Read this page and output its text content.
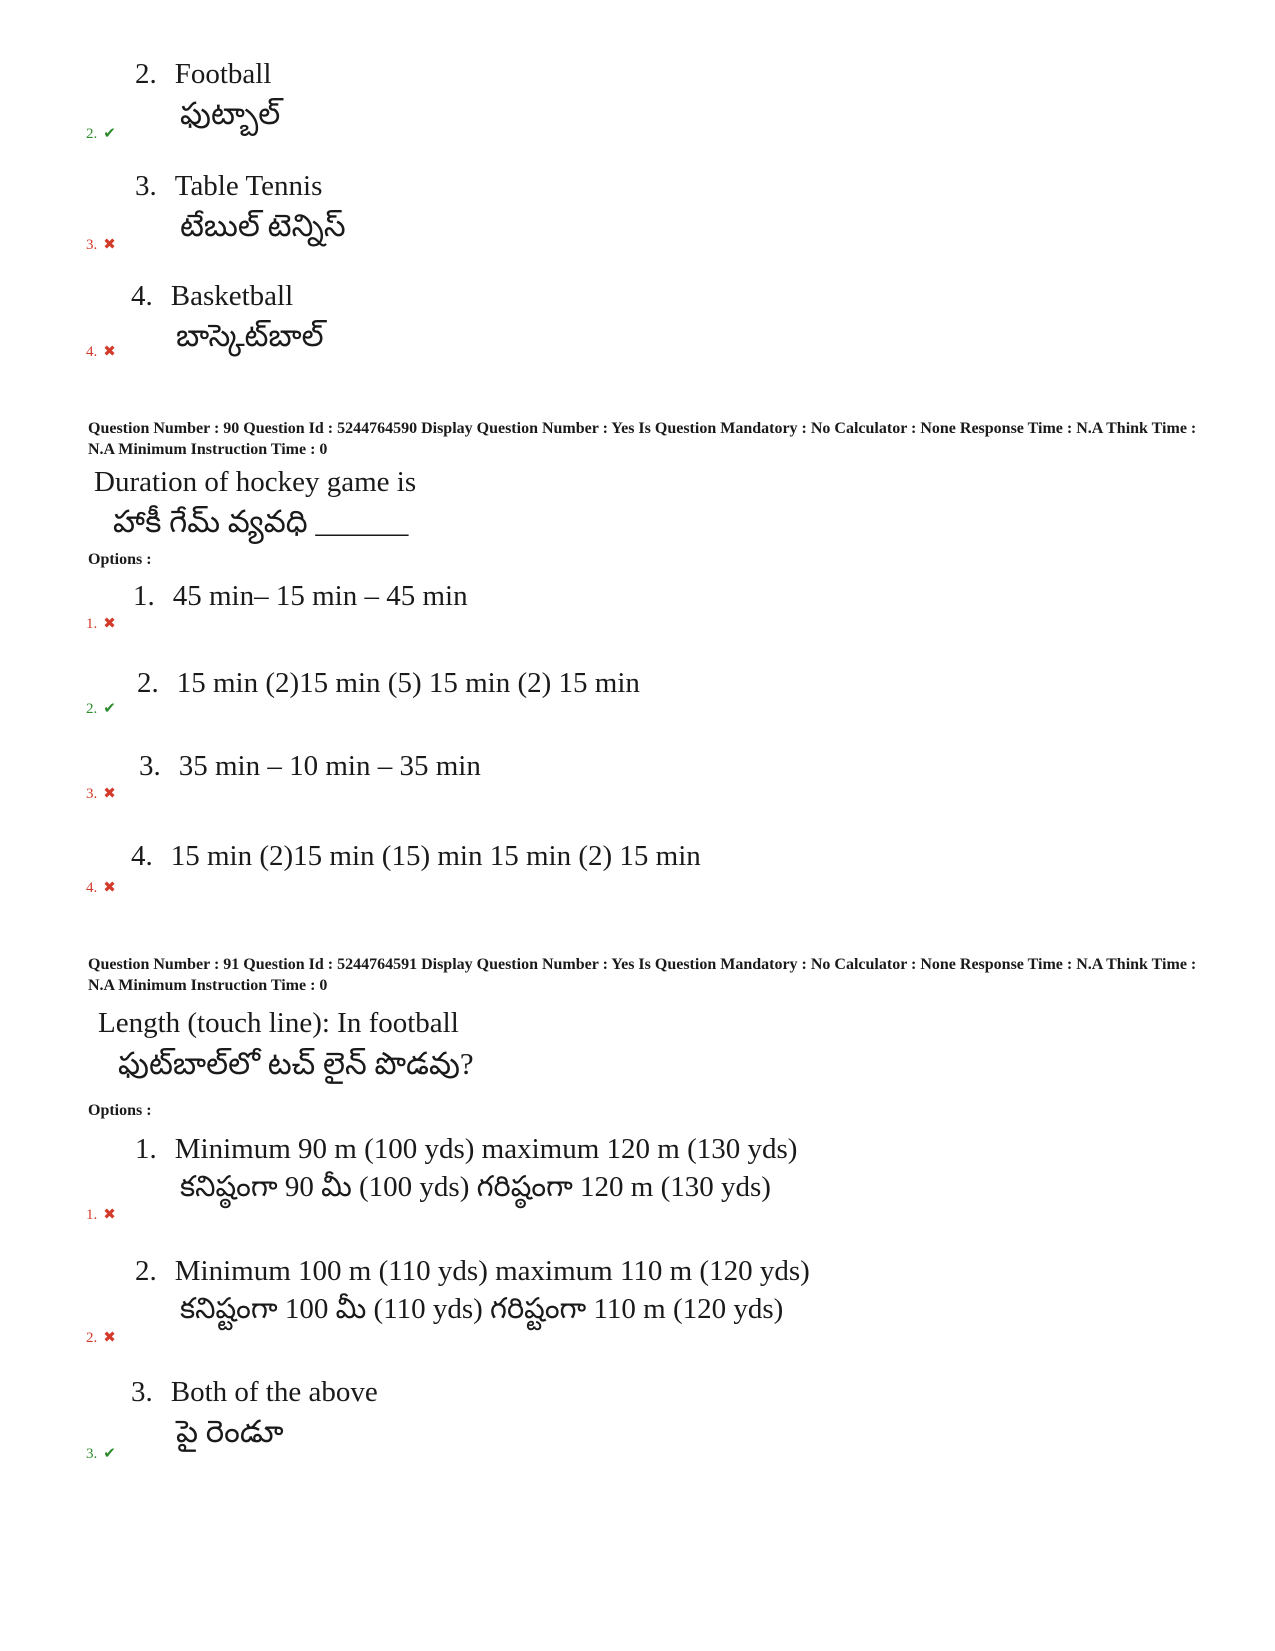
2. Football
ఫుట్బాల్
2. ✔
3. Table Tennis
టేబుల్ టెన్నిస్
3. ✖
4. Basketball
బాస్కెట్‌బాల్
4. ✖
Question Number : 90 Question Id : 5244764590 Display Question Number : Yes Is Question Mandatory : No Calculator : None Response Time : N.A Think Time : N.A Minimum Instruction Time : 0
Duration of hockey game is
హాకీ గేమ్ వ్యవధి ______
Options :
1. 45 min– 15 min – 45 min
1. ✖
2. 15 min (2)15 min (5) 15 min (2) 15 min
2. ✔
3. 35 min – 10 min – 35 min
3. ✖
4. 15 min (2)15 min (15) min 15 min (2) 15 min
4. ✖
Question Number : 91 Question Id : 5244764591 Display Question Number : Yes Is Question Mandatory : No Calculator : None Response Time : N.A Think Time : N.A Minimum Instruction Time : 0
Length (touch line): In football
ఫుట్‌బాల్‌లో టచ్ లైన్ పొడవు?
Options :
1. Minimum 90 m (100 yds) maximum 120 m (130 yds)
కనిష్ఠంగా 90 మీ (100 yds) గరిష్ఠంగా 120 m (130 yds)
1. ✖
2. Minimum 100 m (110 yds) maximum 110 m (120 yds)
కనిష్టంగా 100 మీ (110 yds) గరిష్టంగా 110 m (120 yds)
2. ✖
3. Both of the above
పై రెండూ
3. ✔
